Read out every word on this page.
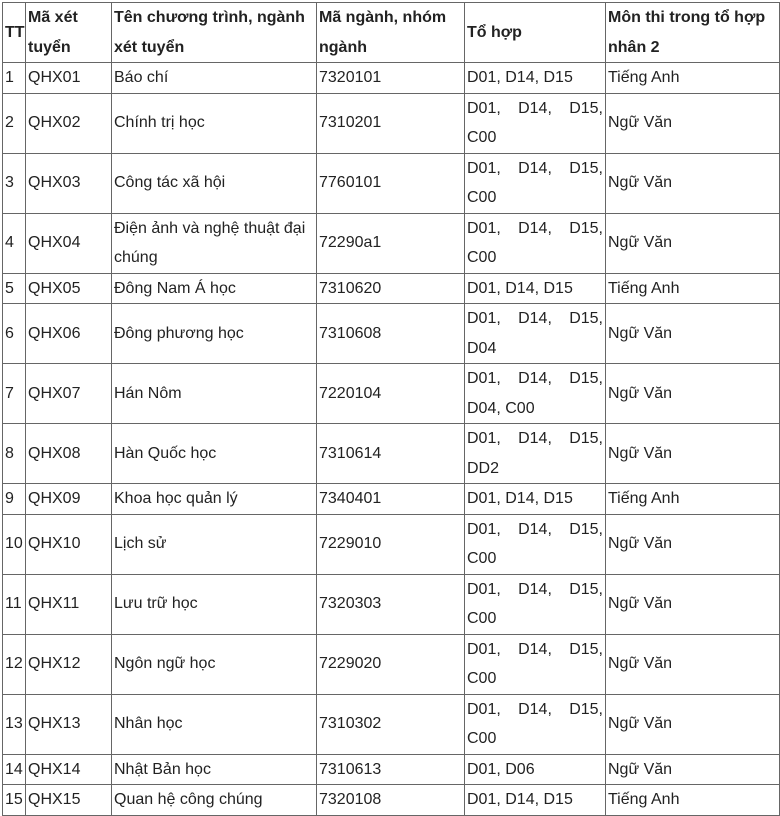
TT	Mã xét tuyển	Tên chương trình, ngành xét tuyển	Mã ngành, nhóm ngành	Tổ hợp	Môn thi trong tổ hợp nhân 2
1	QHX01	Báo chí	7320101	D01, D14, D15	Tiếng Anh
2	QHX02	Chính trị học	7310201	D01, D14, D15, C00	Ngữ Văn
3	QHX03	Công tác xã hội	7760101	D01, D14, D15, C00	Ngữ Văn
4	QHX04	Điện ảnh và nghệ thuật đại chúng	72290a1	D01, D14, D15, C00	Ngữ Văn
5	QHX05	Đông Nam Á học	7310620	D01, D14, D15	Tiếng Anh
6	QHX06	Đông phương học	7310608	D01, D14, D15, D04	Ngữ Văn
7	QHX07	Hán Nôm	7220104	D01, D14, D15, D04, C00	Ngữ Văn
8	QHX08	Hàn Quốc học	7310614	D01, D14, D15, DD2	Ngữ Văn
9	QHX09	Khoa học quản lý	7340401	D01, D14, D15	Tiếng Anh
10	QHX10	Lịch sử	7229010	D01, D14, D15, C00	Ngữ Văn
11	QHX11	Lưu trữ học	7320303	D01, D14, D15, C00	Ngữ Văn
12	QHX12	Ngôn ngữ học	7229020	D01, D14, D15, C00	Ngữ Văn
13	QHX13	Nhân học	7310302	D01, D14, D15, C00	Ngữ Văn
14	QHX14	Nhật Bản học	7310613	D01, D06	Ngữ Văn
15	QHX15	Quan hệ công chúng	7320108	D01, D14, D15	Tiếng Anh
